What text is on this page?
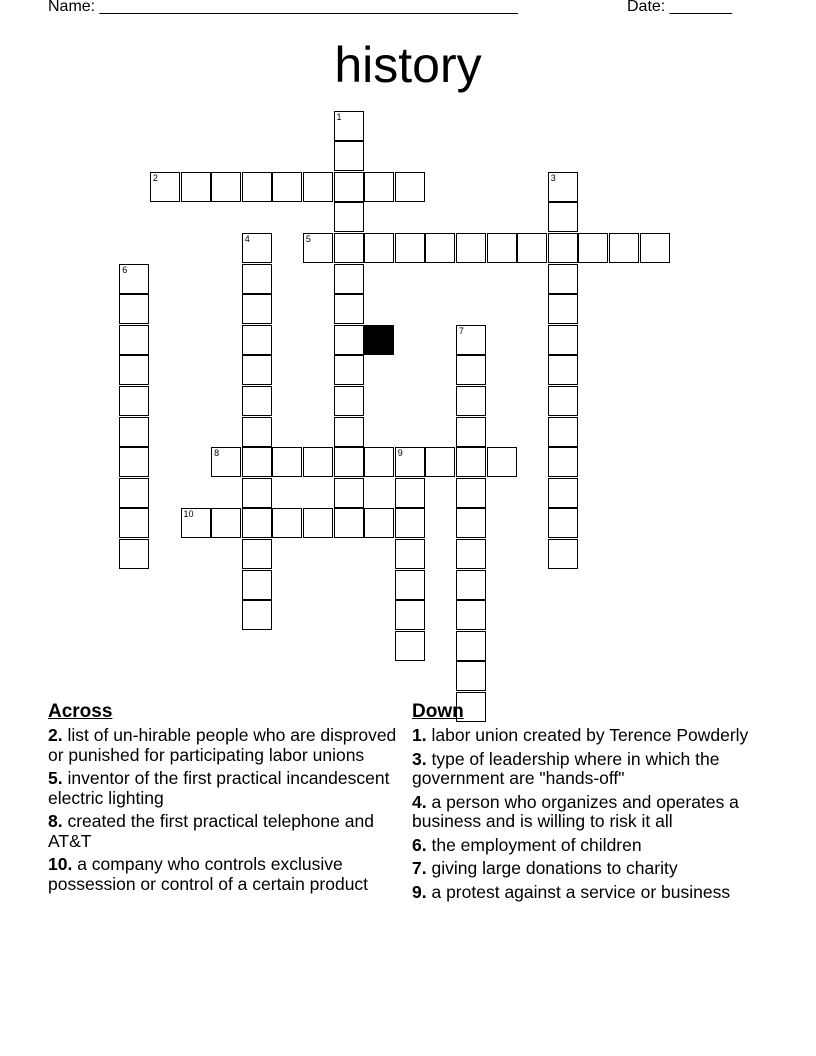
Name: _______________________________________________	Date: _______
history
2
5
8	9
10
1
3
4
6
7
Across
2. list of un-hirable people who are disproved or punished for participating labor unions
5. inventor of the first practical incandescent electric lighting
8. created the first practical telephone and AT&T
10. a company who controls exclusive possession or control of a certain product
Down
1. labor union created by Terence Powderly
3. type of leadership where in which the government are "hands-off"
4. a person who organizes and operates a business and is willing to risk it all
6. the employment of children
7. giving large donations to charity
9. a protest against a service or business
